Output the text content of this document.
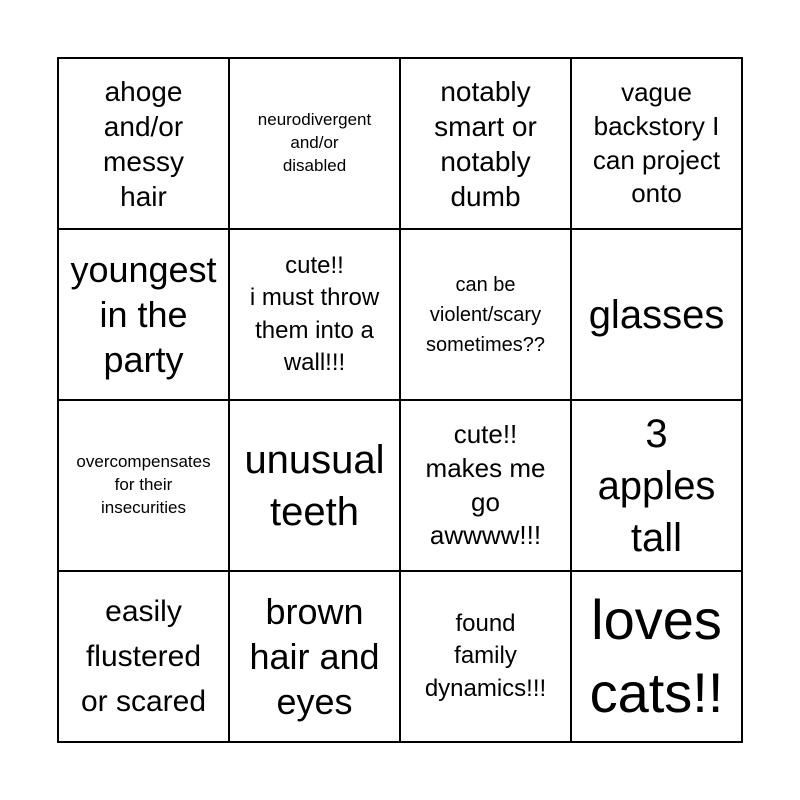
ahoge
and/or
messy
hair
neurodivergent
and/or
disabled
notably
smart or
notably
dumb
vague
backstory I
can project
onto
youngest
in the
party
cute!!
i must throw
them into a
wall!!!
can be
violent/scary
sometimes??
glasses
overcompensates
for their
insecurities
unusual
teeth
cute!!
makes me
go
awwww!!!
3
apples
tall
easily
flustered
or scared
brown
hair and
eyes
found
family
dynamics!!!
loves
cats!!
